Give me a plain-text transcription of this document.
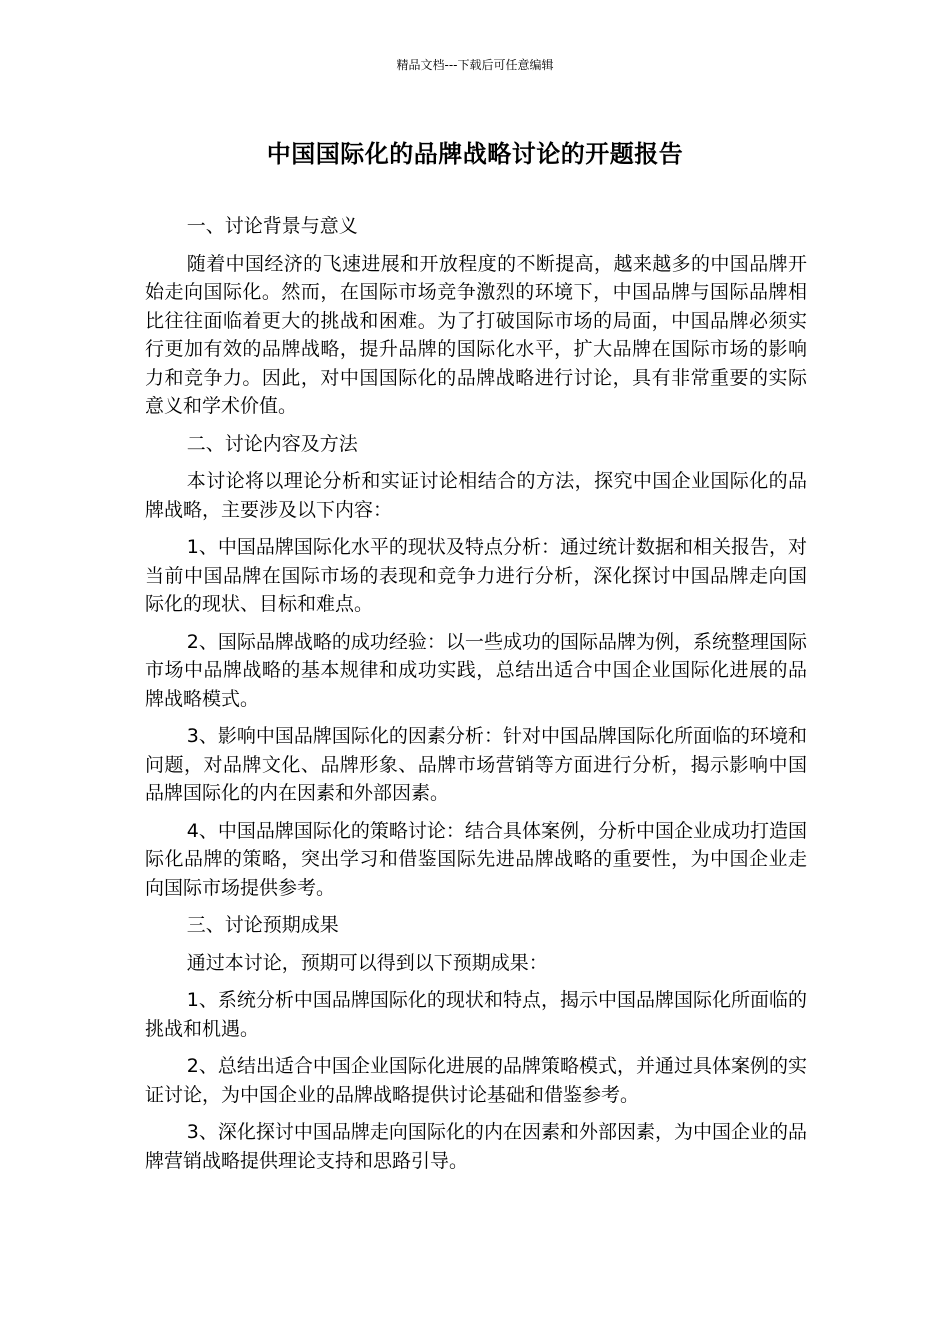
精品文档---下载后可任意编辑
中国国际化的品牌战略讨论的开题报告

一、讨论背景与意义

随着中国经济的飞速进展和开放程度的不断提高，越来越多的中国品牌开始走向国际化。然而，在国际市场竞争激烈的环境下，中国品牌与国际品牌相比往往面临着更大的挑战和困难。为了打破国际市场的局面，中国品牌必须实行更加有效的品牌战略，提升品牌的国际化水平，扩大品牌在国际市场的影响力和竞争力。因此，对中国国际化的品牌战略进行讨论，具有非常重要的实际意义和学术价值。

二、讨论内容及方法

本讨论将以理论分析和实证讨论相结合的方法，探究中国企业国际化的品牌战略，主要涉及以下内容：

1、中国品牌国际化水平的现状及特点分析：通过统计数据和相关报告，对当前中国品牌在国际市场的表现和竞争力进行分析，深化探讨中国品牌走向国际化的现状、目标和难点。

2、国际品牌战略的成功经验：以一些成功的国际品牌为例，系统整理国际市场中品牌战略的基本规律和成功实践，总结出适合中国企业国际化进展的品牌战略模式。

3、影响中国品牌国际化的因素分析：针对中国品牌国际化所面临的环境和问题，对品牌文化、品牌形象、品牌市场营销等方面进行分析，揭示影响中国品牌国际化的内在因素和外部因素。

4、中国品牌国际化的策略讨论：结合具体案例，分析中国企业成功打造国际化品牌的策略，突出学习和借鉴国际先进品牌战略的重要性，为中国企业走向国际市场提供参考。

三、讨论预期成果

通过本讨论，预期可以得到以下预期成果：

1、系统分析中国品牌国际化的现状和特点，揭示中国品牌国际化所面临的挑战和机遇。

2、总结出适合中国企业国际化进展的品牌策略模式，并通过具体案例的实证讨论，为中国企业的品牌战略提供讨论基础和借鉴参考。

3、深化探讨中国品牌走向国际化的内在因素和外部因素，为中国企业的品牌营销战略提供理论支持和思路引导。
